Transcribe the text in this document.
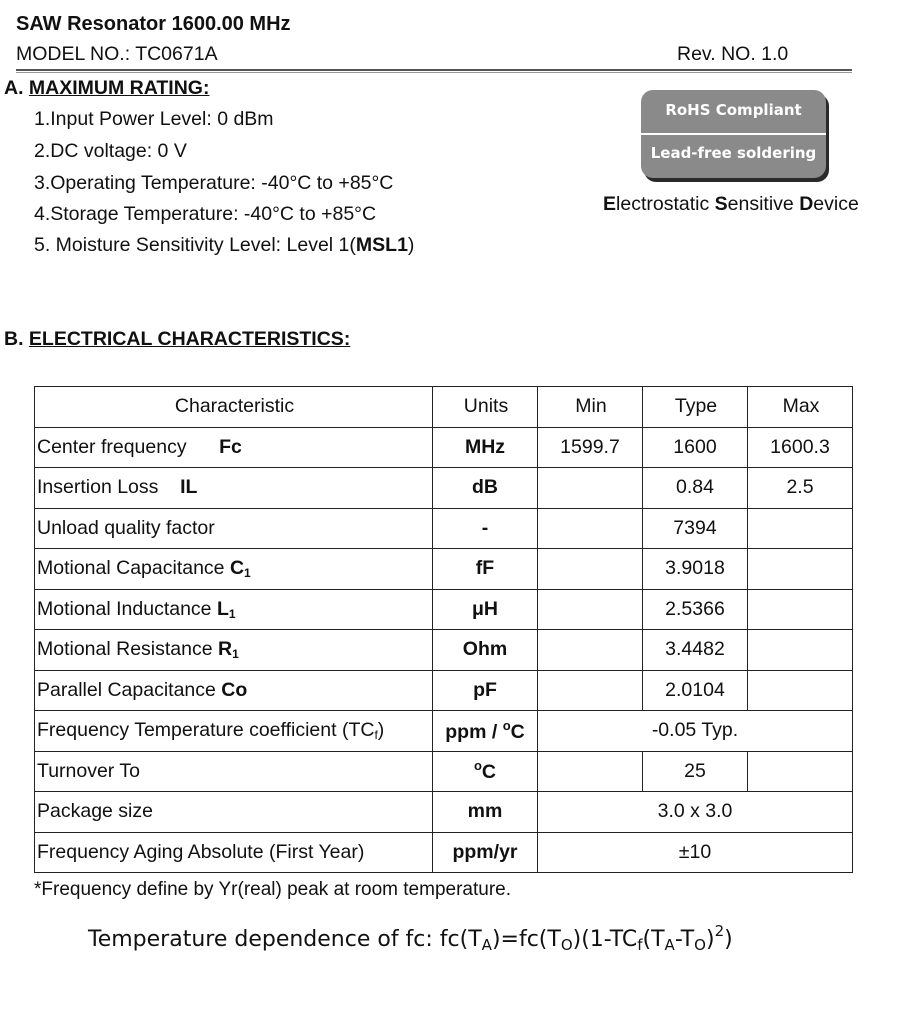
SAW Resonator 1600.00 MHz
MODEL NO.: TC0671A	Rev. NO. 1.0
A. MAXIMUM RATING:
1.Input Power Level: 0 dBm
2.DC voltage: 0 V
3.Operating Temperature: -40°C to +85°C
4.Storage Temperature: -40°C to +85°C
5. Moisture Sensitivity Level: Level 1(MSL1)
RoHS Compliant
Lead-free soldering
Electrostatic Sensitive Device
B. ELECTRICAL CHARACTERISTICS:
Characteristic	Units	Min	Type	Max
Center frequency Fc	MHz	1599.7	1600	1600.3
Insertion Loss IL	dB		0.84	2.5
Unload quality factor	-		7394	
Motional Capacitance $C_1$	fF		3.9018	
Motional Inductance $L_1$	μH		2.5366	
Motional Resistance $R_1$	Ohm		3.4482	
Parallel Capacitance Co	pF		2.0104	
Frequency Temperature coefficient (TCf)	ppm / $^o$C	-0.05 Typ.		
Turnover To	$^o$C		25	
Package size	mm	3.0 x 3.0		
Frequency Aging Absolute (First Year)	ppm/yr	±10		
*Frequency define by Yr(real) peak at room temperature.
Temperature dependence of fc: $fc(TA)=fc(TO)(1-TCf(TA-TO)^2)$
